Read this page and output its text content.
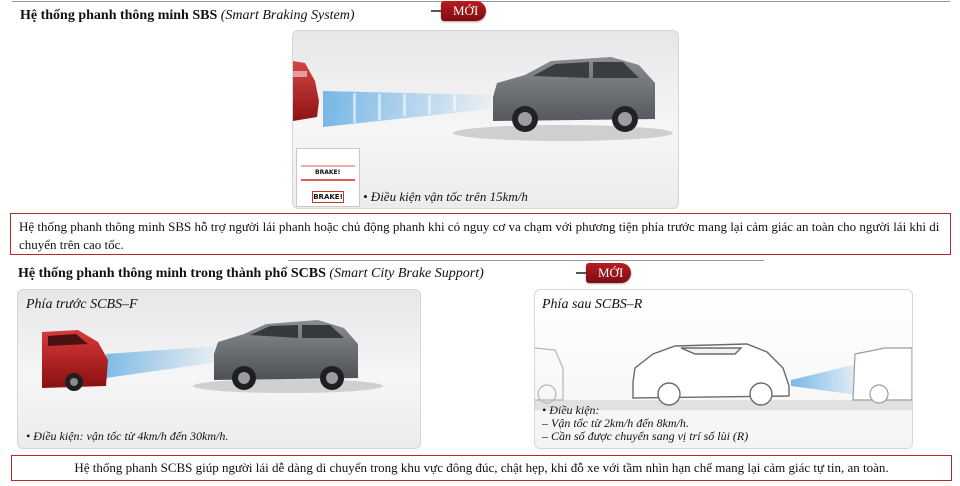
Hệ thống phanh thông minh SBS (Smart Braking System)	MỚI
BRAKE!
BRAKE! • Điều kiện vận tốc trên 15km/h
Hệ thống phanh thông minh SBS hỗ trợ người lái phanh hoặc chủ động phanh khi có nguy cơ va chạm với phương tiện phía trước mang lại cảm giác an toàn cho người lái khi di chuyển trên cao tốc.
Hệ thống phanh thông minh trong thành phố SCBS (Smart City Brake Support)	MỚI
Phía trước SCBS–F
• Điều kiện: vận tốc từ 4km/h đến 30km/h.
Phía sau SCBS–R
• Điều kiện:
– Vận tốc từ 2km/h đến 8km/h.
– Cần số được chuyển sang vị trí số lùi (R)
Hệ thống phanh SCBS giúp người lái dễ dàng di chuyển trong khu vực đông đúc, chật hẹp, khi đỗ xe với tầm nhìn hạn chế mang lại cảm giác tự tin, an toàn.
